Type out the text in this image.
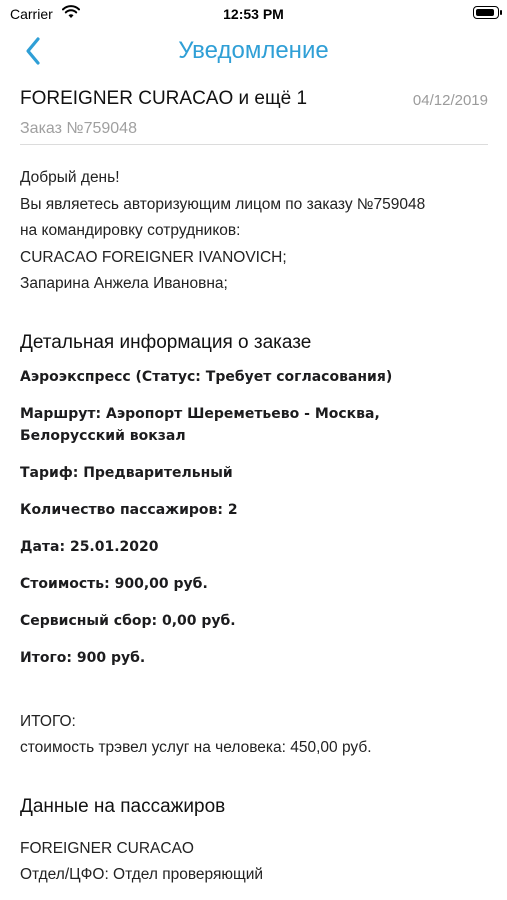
Carrier	12:53 PM
Уведомление
FOREIGNER CURACAO и ещё 1	04/12/2019
Заказ №759048
Добрый день!
Вы являетесь авторизующим лицом по заказу №759048
на командировку сотрудников:
CURACAO FOREIGNER IVANOVICH;
Запарина Анжела Ивановна;
Детальная информация о заказе
Аэроэкспресс (Статус: Требует согласования)
Маршрут: Аэропорт Шереметьево - Москва, Белорусский вокзал
Тариф: Предварительный
Количество пассажиров: 2
Дата: 25.01.2020
Стоимость: 900,00 руб.
Сервисный сбор: 0,00 руб.
Итого: 900 руб.
ИТОГО:
стоимость трэвел услуг на человека: 450,00 руб.
Данные на пассажиров
FOREIGNER CURACAO
Отдел/ЦФО: Отдел проверяющий
